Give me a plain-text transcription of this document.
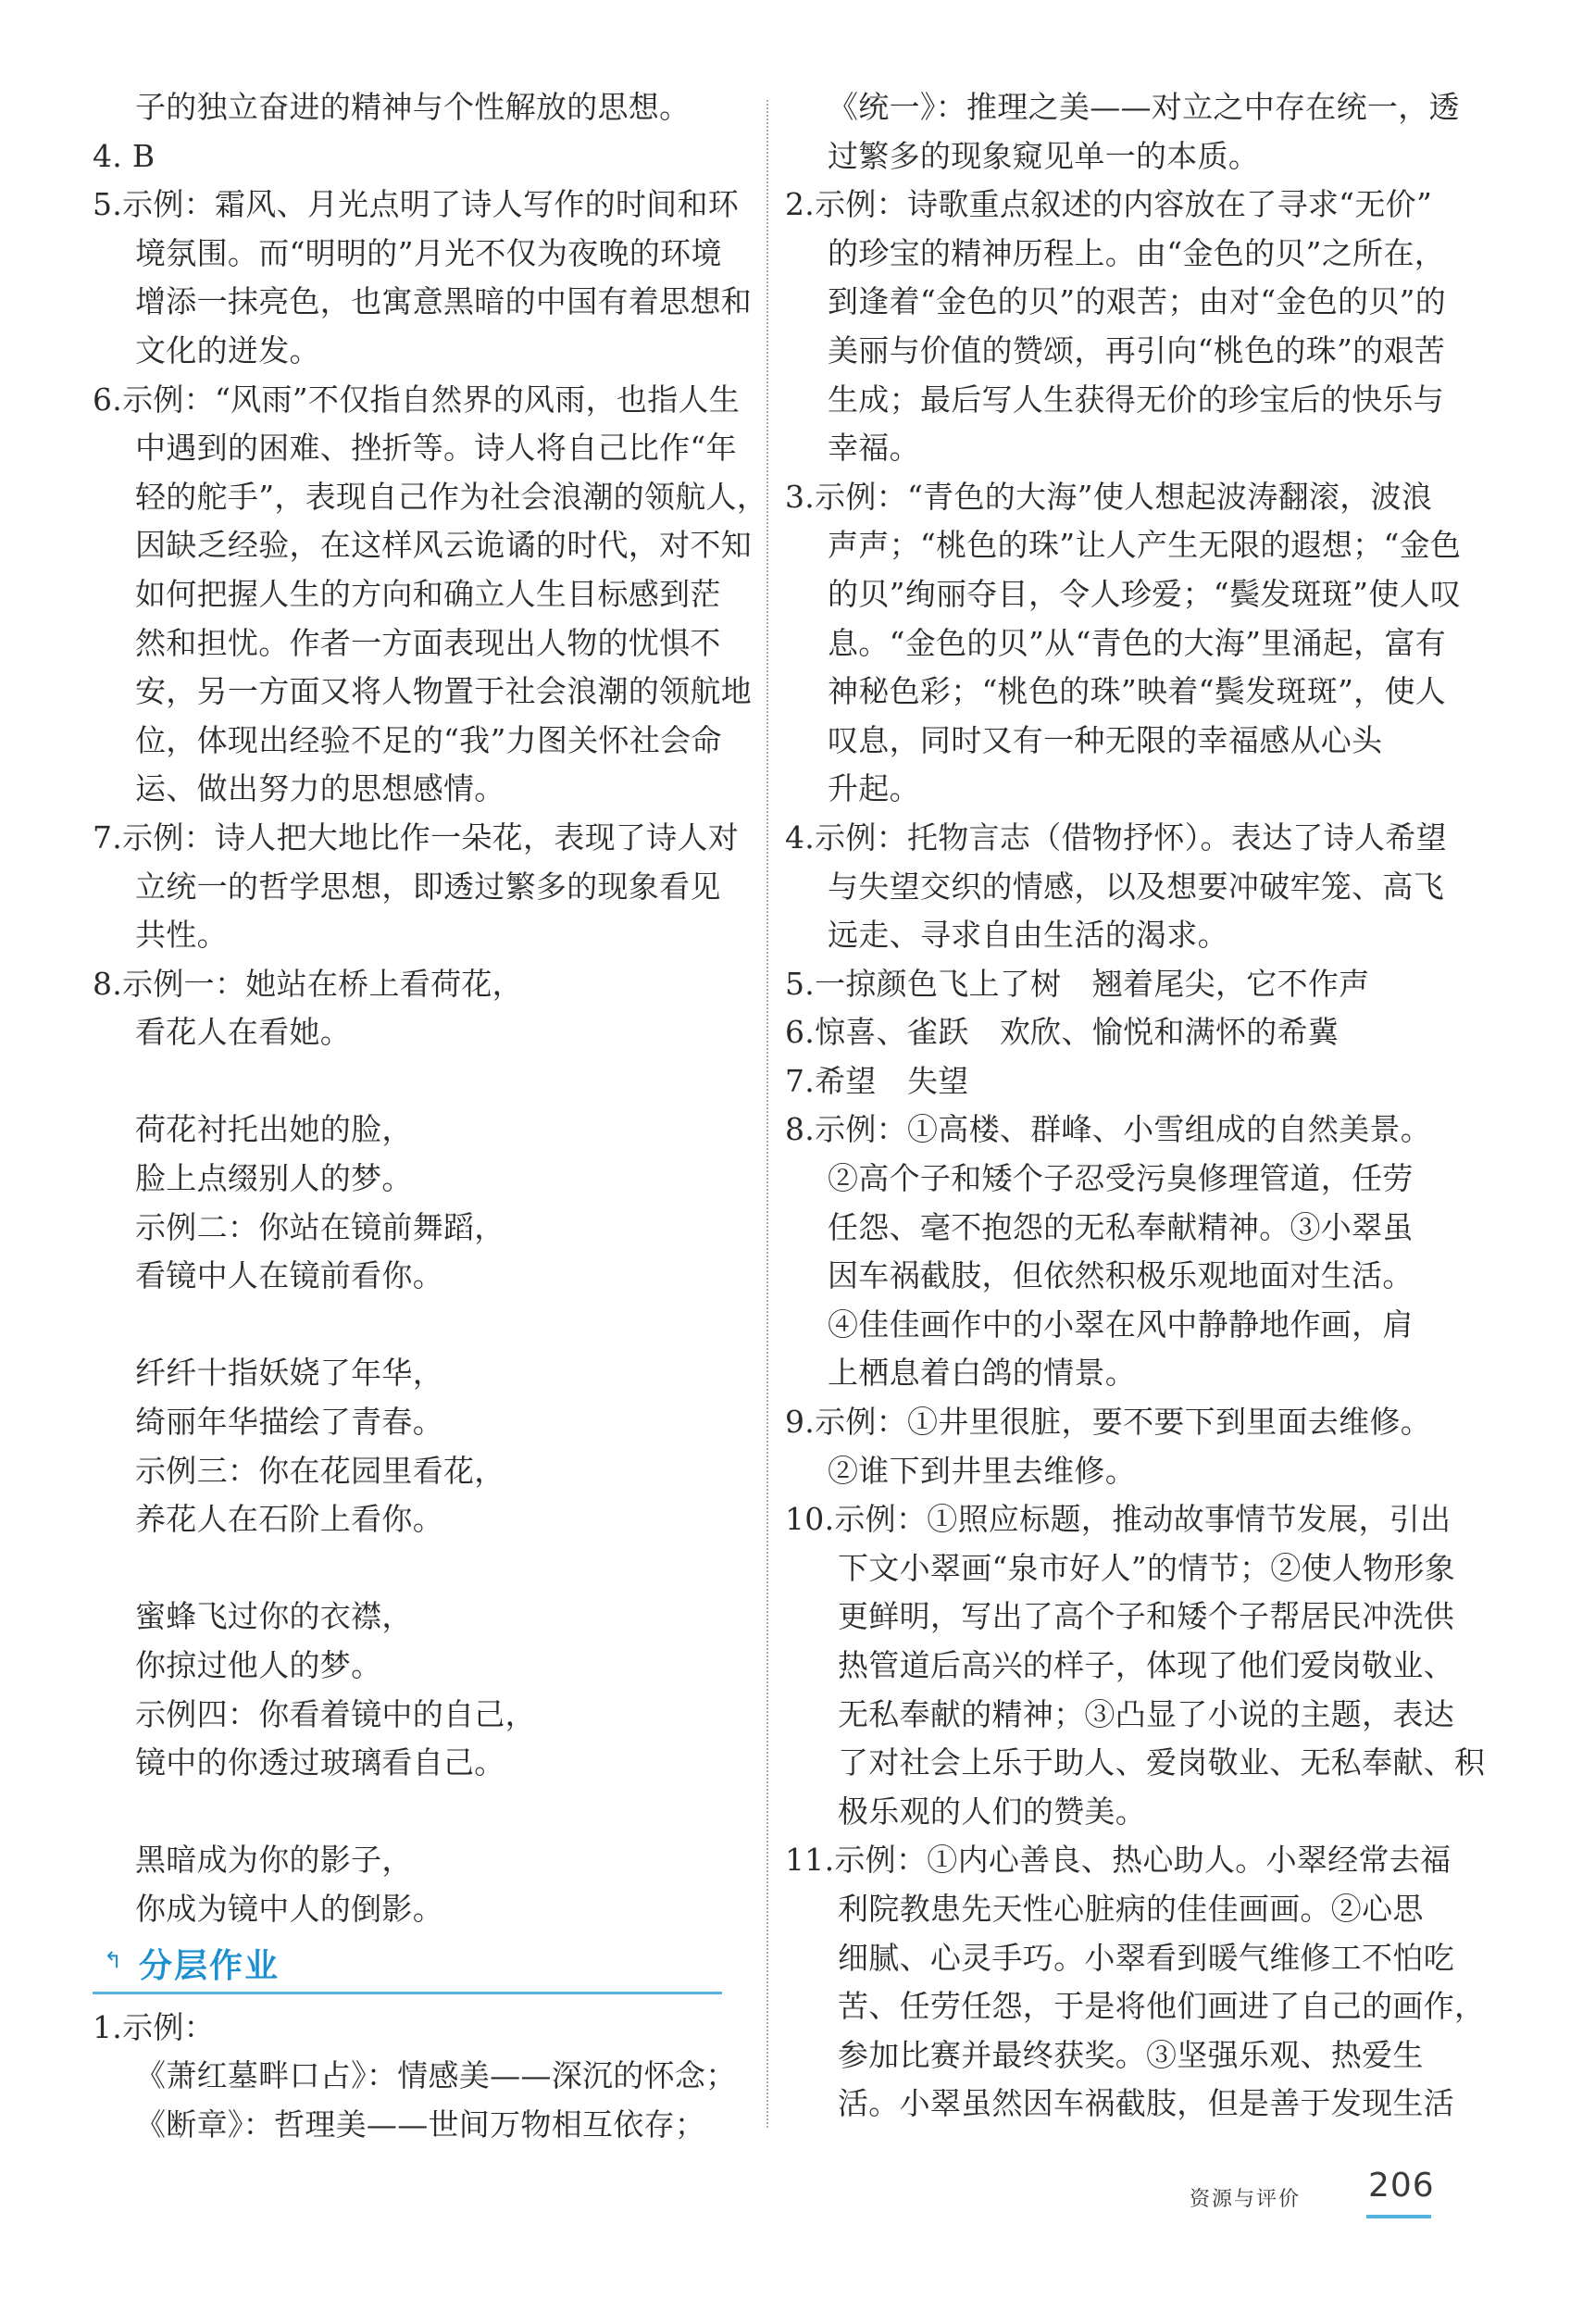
子的独立奋进的精神与个性解放的思想。
4. B
5.示例：霜风、月光点明了诗人写作的时间和环
境氛围。而“明明的”月光不仅为夜晚的环境
增添一抹亮色，也寓意黑暗的中国有着思想和
文化的迸发。
6.示例：“风雨”不仅指自然界的风雨，也指人生
中遇到的困难、挫折等。诗人将自己比作“年
轻的舵手”，表现自己作为社会浪潮的领航人，
因缺乏经验，在这样风云诡谲的时代，对不知
如何把握人生的方向和确立人生目标感到茫
然和担忧。作者一方面表现出人物的忧惧不
安，另一方面又将人物置于社会浪潮的领航地
位，体现出经验不足的“我”力图关怀社会命
运、做出努力的思想感情。
7.示例：诗人把大地比作一朵花，表现了诗人对
立统一的哲学思想，即透过繁多的现象看见
共性。
8.示例一：她站在桥上看荷花，
看花人在看她。
荷花衬托出她的脸，
脸上点缀别人的梦。
示例二：你站在镜前舞蹈，
看镜中人在镜前看你。
纤纤十指妖娆了年华，
绮丽年华描绘了青春。
示例三：你在花园里看花，
养花人在石阶上看你。
蜜蜂飞过你的衣襟，
你掠过他人的梦。
示例四：你看着镜中的自己，
镜中的你透过玻璃看自己。
黑暗成为你的影子，
你成为镜中人的倒影。
↰ 分层作业
1.示例：
《萧红墓畔口占》：情感美——深沉的怀念；
《断章》：哲理美——世间万物相互依存；
《统一》：推理之美——对立之中存在统一，透
过繁多的现象窥见单一的本质。
2.示例：诗歌重点叙述的内容放在了寻求“无价”
的珍宝的精神历程上。由“金色的贝”之所在，
到逢着“金色的贝”的艰苦；由对“金色的贝”的
美丽与价值的赞颂，再引向“桃色的珠”的艰苦
生成；最后写人生获得无价的珍宝后的快乐与
幸福。
3.示例：“青色的大海”使人想起波涛翻滚，波浪
声声；“桃色的珠”让人产生无限的遐想；“金色
的贝”绚丽夺目，令人珍爱；“鬓发斑斑”使人叹
息。“金色的贝”从“青色的大海”里涌起，富有
神秘色彩；“桃色的珠”映着“鬓发斑斑”，使人
叹息，同时又有一种无限的幸福感从心头
升起。
4.示例：托物言志（借物抒怀）。表达了诗人希望
与失望交织的情感，以及想要冲破牢笼、高飞
远走、寻求自由生活的渴求。
5.一掠颜色飞上了树　翘着尾尖，它不作声
6.惊喜、雀跃　欢欣、愉悦和满怀的希冀
7.希望　失望
8.示例：①高楼、群峰、小雪组成的自然美景。
②高个子和矮个子忍受污臭修理管道，任劳
任怨、毫不抱怨的无私奉献精神。③小翠虽
因车祸截肢，但依然积极乐观地面对生活。
④佳佳画作中的小翠在风中静静地作画，肩
上栖息着白鸽的情景。
9.示例：①井里很脏，要不要下到里面去维修。
②谁下到井里去维修。
10.示例：①照应标题，推动故事情节发展，引出
下文小翠画“泉市好人”的情节；②使人物形象
更鲜明，写出了高个子和矮个子帮居民冲洗供
热管道后高兴的样子，体现了他们爱岗敬业、
无私奉献的精神；③凸显了小说的主题，表达
了对社会上乐于助人、爱岗敬业、无私奉献、积
极乐观的人们的赞美。
11.示例：①内心善良、热心助人。小翠经常去福
利院教患先天性心脏病的佳佳画画。②心思
细腻、心灵手巧。小翠看到暖气维修工不怕吃
苦、任劳任怨，于是将他们画进了自己的画作，
参加比赛并最终获奖。③坚强乐观、热爱生
活。小翠虽然因车祸截肢，但是善于发现生活
资源与评价 206
